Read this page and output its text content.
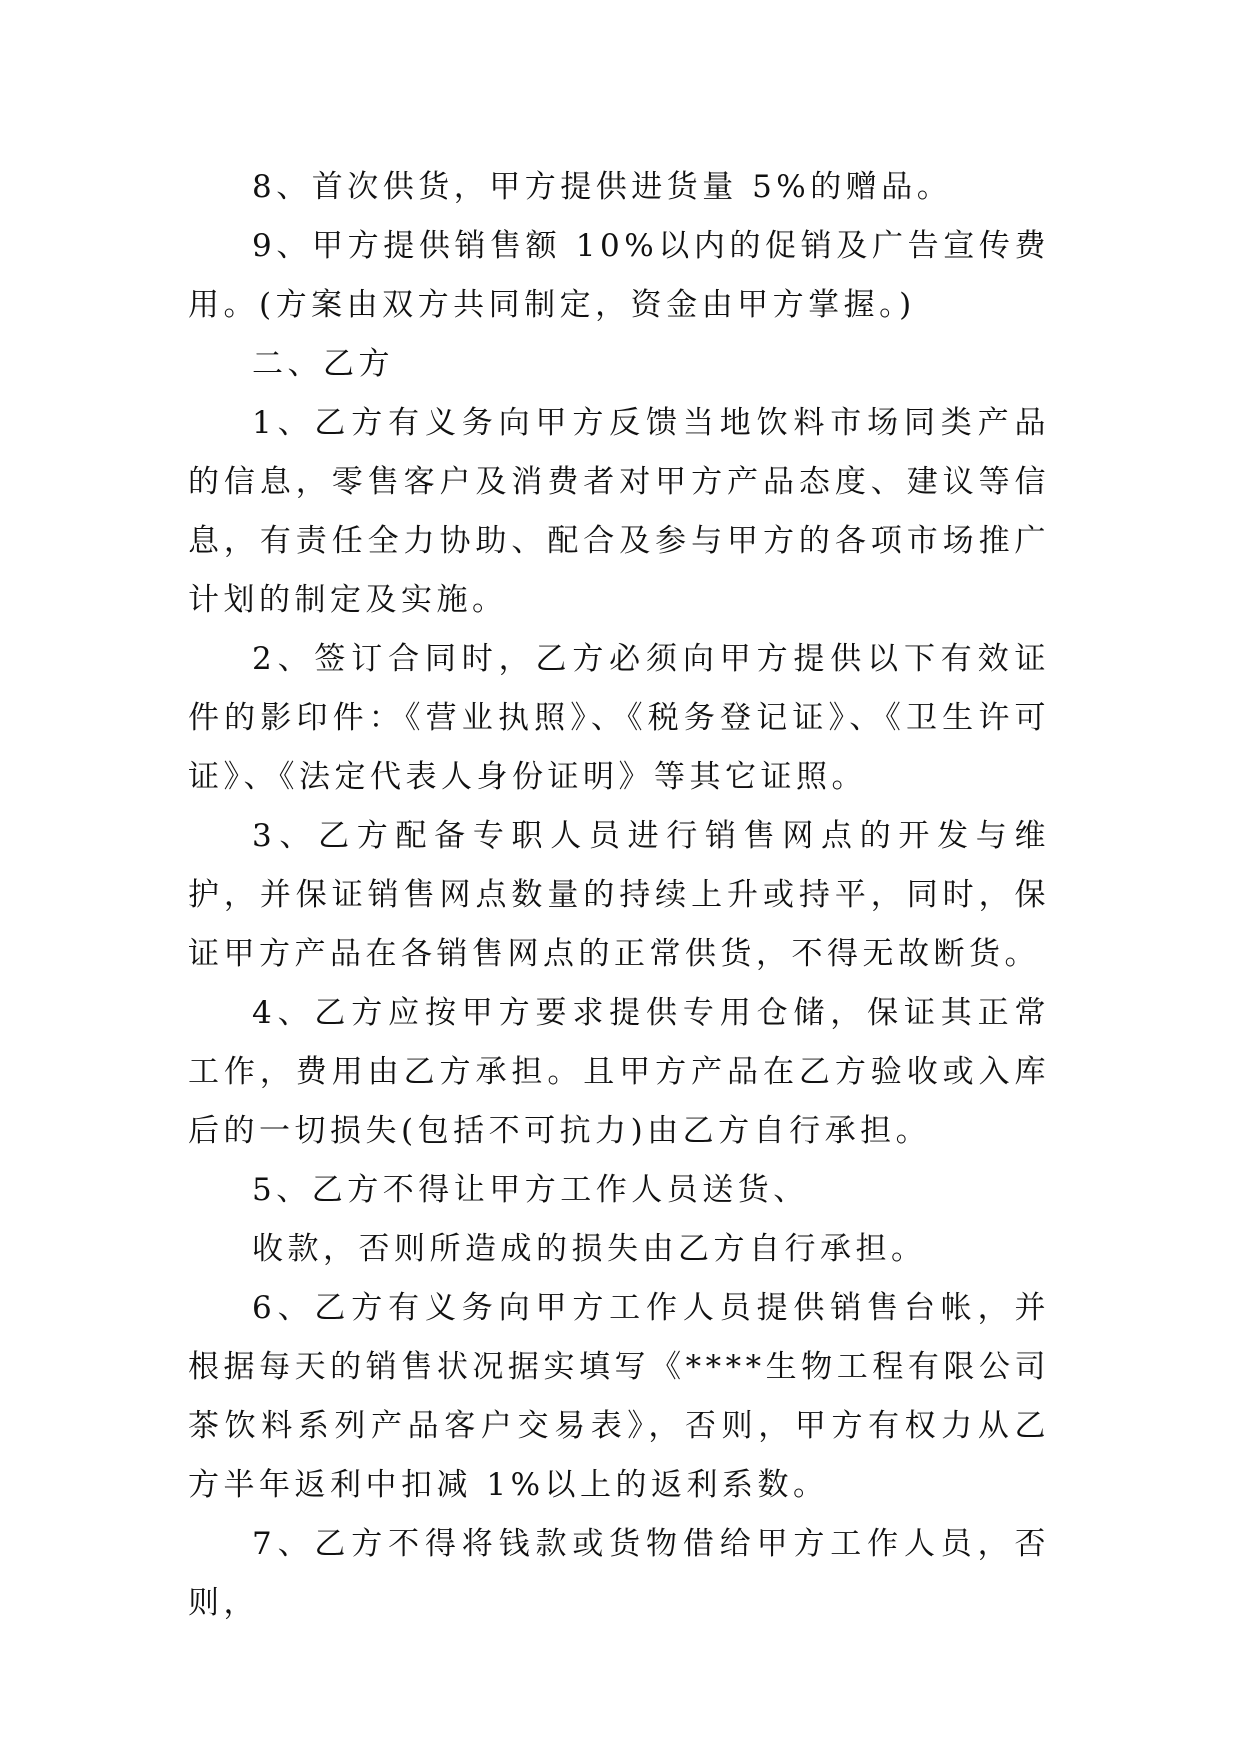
8、首次供货，甲方提供进货量 5%的赠品。

9、甲方提供销售额 10%以内的促销及广告宣传费用。(方案由双方共同制定，资金由甲方掌握。)

二、乙方

1、乙方有义务向甲方反馈当地饮料市场同类产品的信息，零售客户及消费者对甲方产品态度、建议等信息，有责任全力协助、配合及参与甲方的各项市场推广计划的制定及实施。

2、签订合同时，乙方必须向甲方提供以下有效证件的影印件：《营业执照》、《税务登记证》、《卫生许可证》、《法定代表人身份证明》等其它证照。

3、乙方配备专职人员进行销售网点的开发与维护，并保证销售网点数量的持续上升或持平，同时，保证甲方产品在各销售网点的正常供货，不得无故断货。

4、乙方应按甲方要求提供专用仓储，保证其正常工作，费用由乙方承担。且甲方产品在乙方验收或入库后的一切损失(包括不可抗力)由乙方自行承担。

5、乙方不得让甲方工作人员送货、

收款，否则所造成的损失由乙方自行承担。

6、乙方有义务向甲方工作人员提供销售台帐，并根据每天的销售状况据实填写《****生物工程有限公司茶饮料系列产品客户交易表》，否则，甲方有权力从乙方半年返利中扣减 1%以上的返利系数。

7、乙方不得将钱款或货物借给甲方工作人员，否则，
